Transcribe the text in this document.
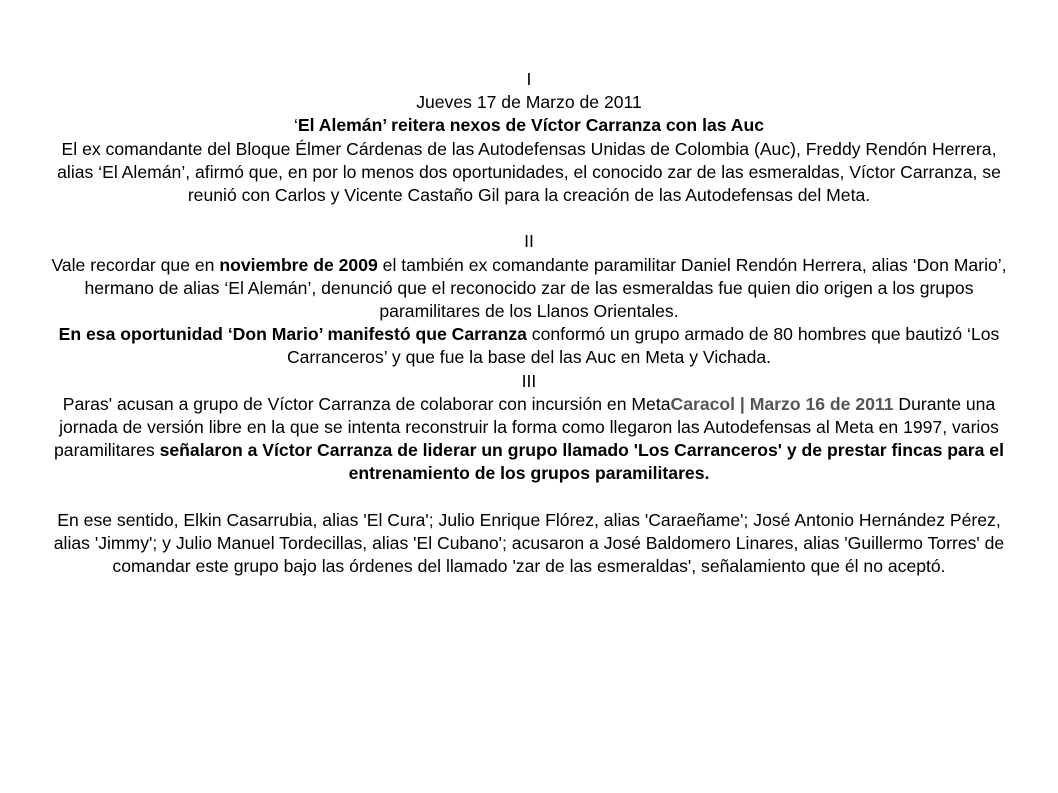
I
Jueves 17 de Marzo de 2011
‘El Alemán’ reitera nexos de Víctor Carranza con las Auc
El ex comandante del Bloque Élmer Cárdenas de las Autodefensas Unidas de Colombia (Auc), Freddy Rendón Herrera, alias ‘El Alemán’, afirmó que, en por lo menos dos oportunidades, el conocido zar de las esmeraldas, Víctor Carranza, se reunió con Carlos y Vicente Castaño Gil para la creación de las Autodefensas del Meta.
II
Vale recordar que en noviembre de 2009 el también ex comandante paramilitar Daniel Rendón Herrera, alias ‘Don Mario’, hermano de alias ‘El Alemán’, denunció que el reconocido zar de las esmeraldas fue quien dio origen a los grupos paramilitares de los Llanos Orientales.
En esa oportunidad ‘Don Mario’ manifestó que Carranza conformó un grupo armado de 80 hombres que bautizó ‘Los Carranceros’ y que fue la base del las Auc en Meta y Vichada.
III
Paras' acusan a grupo de Víctor Carranza de colaborar con incursión en MetaCaracol | Marzo 16 de 2011 Durante una jornada de versión libre en la que se intenta reconstruir la forma como llegaron las Autodefensas al Meta en 1997, varios paramilitares señalaron a Víctor Carranza de liderar un grupo llamado 'Los Carranceros' y de prestar fincas para el entrenamiento de los grupos paramilitares.
En ese sentido, Elkin Casarrubia, alias 'El Cura'; Julio Enrique Flórez, alias 'Caraeñame'; José Antonio Hernández Pérez, alias 'Jimmy'; y Julio Manuel Tordecillas, alias 'El Cubano'; acusaron a José Baldomero Linares, alias 'Guillermo Torres' de comandar este grupo bajo las órdenes del llamado 'zar de las esmeraldas', señalamiento que él no aceptó.
